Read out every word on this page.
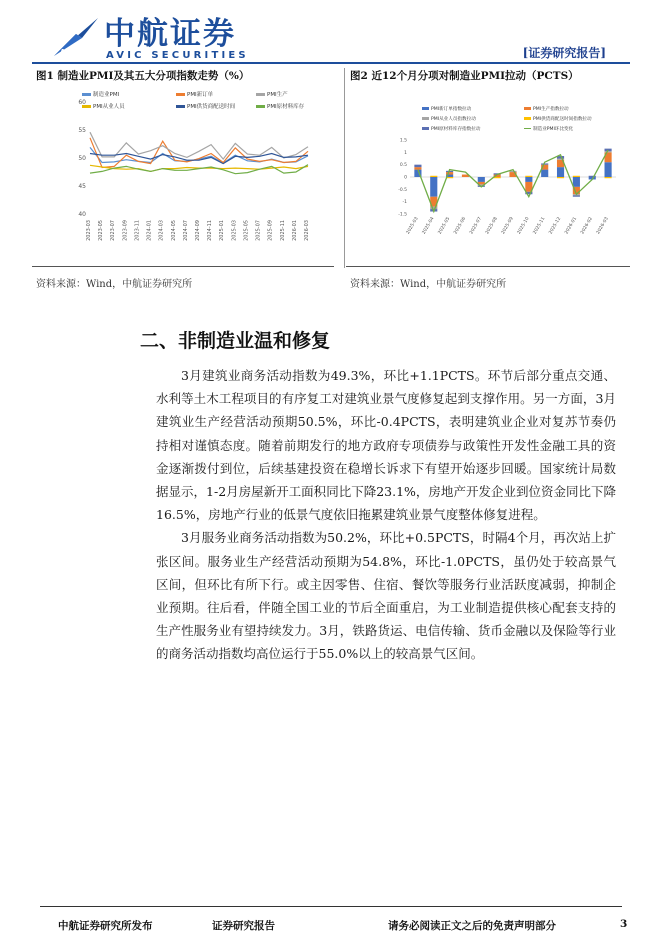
AVIC 中航证券
AVIC SECURITIES	[证券研究报告]
图1 制造业PMI及其五大分项指数走势（%）
制造业PMI	PMI新订单	PMI生产
PMI从业人员	PMI供货商配送时间	PMI原材料库存
60
55
50
45
40
2023-03 2023-05 2023-07 2023-09 2023-11 2024-01 2024-03 2024-05 2024-07 2024-09 2024-11 2025-01 2025-03 2025-05 2025-07 2025-09 2025-11 2026-01 2026-03
资料来源：Wind，中航证券研究所
图2 近12个月分项对制造业PMI拉动（PCTS）
PMI新订单指数拉动	PMI生产指数拉动
PMI从业人员指数拉动	PMI供货商配送时间指数拉动
PMI原材料库存指数拉动	制造业PMI环比变化
1.5
1
0.5
0
-0.5
-1
-1.5
2025-03 2025-04 2025-05 2025-06 2025-07 2025-08 2025-09 2025-10 2025-11 2025-12 2026-01 2026-02 2026-03
资料来源：Wind，中航证券研究所
二、非制造业温和修复

3月建筑业商务活动指数为49.3%，环比+1.1PCTS。环节后部分重点交通、水利等土木工程项目的有序复工对建筑业景气度修复起到支撑作用。另一方面，3月建筑业生产经营活动预期50.5%，环比-0.4PCTS，表明建筑业企业对复苏节奏仍持相对谨慎态度。随着前期发行的地方政府专项债券与政策性开发性金融工具的资金逐渐拨付到位，后续基建投资在稳增长诉求下有望开始逐步回暖。国家统计局数据显示，1-2月房屋新开工面积同比下降23.1%，房地产开发企业到位资金同比下降16.5%，房地产行业的低景气度依旧拖累建筑业景气度整体修复进程。

3月服务业商务活动指数为50.2%，环比+0.5PCTS，时隔4个月，再次站上扩张区间。服务业生产经营活动预期为54.8%，环比-1.0PCTS，虽仍处于较高景气区间，但环比有所下行。或主因零售、住宿、餐饮等服务行业活跃度减弱，抑制企业预期。往后看，伴随全国工业的节后全面重启，为工业制造提供核心配套支持的生产性服务业有望持续发力。3月，铁路货运、电信传输、货币金融以及保险等行业的商务活动指数均高位运行于55.0%以上的较高景气区间。

中航证券研究所发布	证券研究报告	请务必阅读正文之后的免责声明部分	3
